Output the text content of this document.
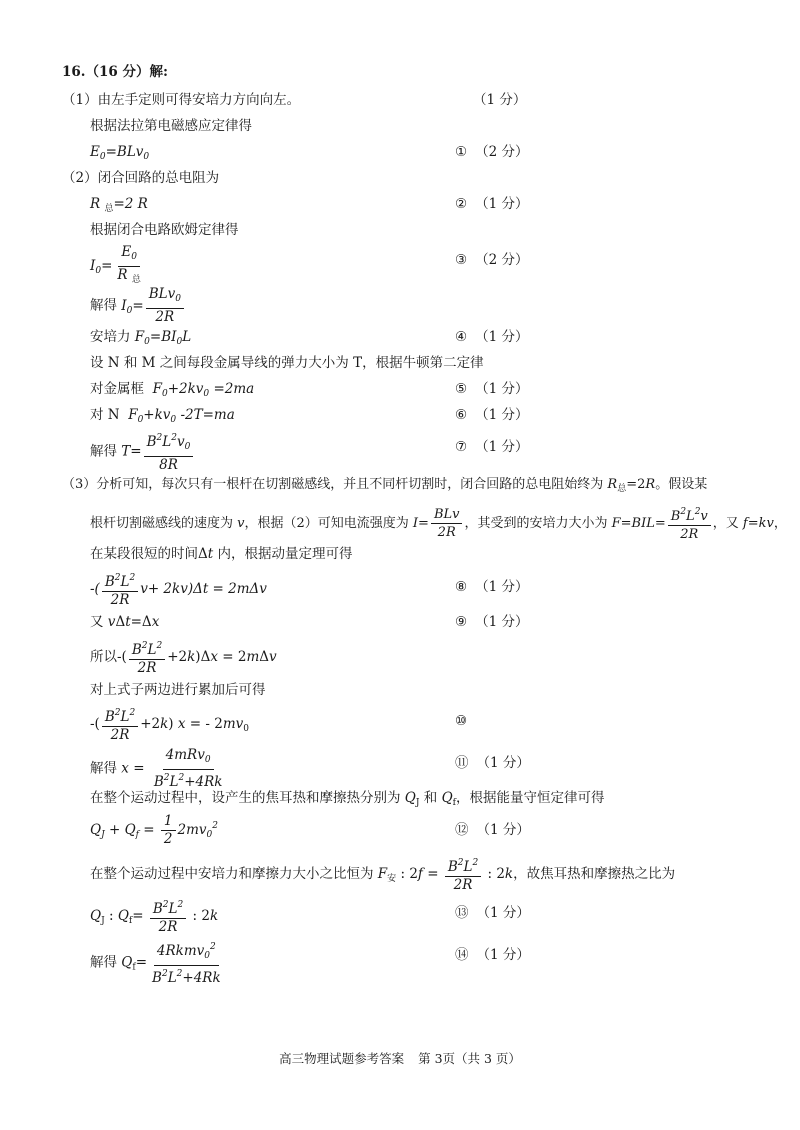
16.（16 分）解:
（1）由左手定则可得安培力方向向左。	（1 分）
根据法拉第电磁感应定律得
$E_0=BLv_0$	① （2 分）
（2）闭合回路的总电阻为
R $_总$=2 R	② （1 分）
根据闭合电路欧姆定律得
$I_0= \frac{E_0}{R _总}$	③ （2 分）
解得 $I_0= \frac{BLv_0}{2R}$
安培力 $F_0=BI_0L$	④ （1 分）
设 N 和 M 之间每段金属导线的弹力大小为 T，根据牛顿第二定律
对金属框  $F_0+2kv_0 =2ma$	⑤ （1 分）
对 N  $F_0+kv_0$ -2T=ma	⑥ （1 分）
解得 $T= \frac{B^2L^2v_0}{8R}$	⑦ （1 分）
（3）分析可知，每次只有一根杆在切割磁感线，并且不同杆切割时，闭合回路的总电阻始终为 $R_总=2R$。假设某
根杆切割磁感线的速度为 v，根据（2）可知电流强度为 $I= \frac{\text{BLv}}{2R}$ ，其受到的安培力大小为 $F=BIL= \frac{B^2L^2v}{2R}$ ，又 f=kv，
在某段很短的时间Δt 内，根据动量定理可得
-( $\frac{B^2L^2}{2R} v+ 2kv)\Delta t = 2m\Delta v$	⑧ （1 分）
又 vΔt=Δx	⑨ （1 分）
所以-( $\frac{B^2L^2}{2R} +2k)\Delta x = 2m\Delta v$
对上式子两边进行累加后可得
-( $\frac{B^2L^2}{2R} +2k$) x = - $2mv_0$	⑩
解得 $x = \frac{4mRv_0}{B^2L^2+4Rk}$	⑪ （1 分）
在整个运动过程中，设产生的焦耳热和摩擦热分别为 $Q_J$ 和 $Q_f$，根据能量守恒定律可得
$Q_J + Q_f = \frac{1}{2} 2mv_0^2$	⑫ （1 分）
在整个运动过程中安培力和摩擦力大小之比恒为 $F_安$ : $2f = \frac{B^2L^2}{2R}$ : 2k，故焦耳热和摩擦热之比为
$Q_J$ : $Q_f= \frac{B^2L^2}{2R}$ : 2k	⑬ （1 分）
解得 $Q_f= \frac{4Rkmv_0^2}{B^2L^2+4Rk}$	⑭ （1 分）
高三物理试题参考答案 第 3页（共 3 页）
